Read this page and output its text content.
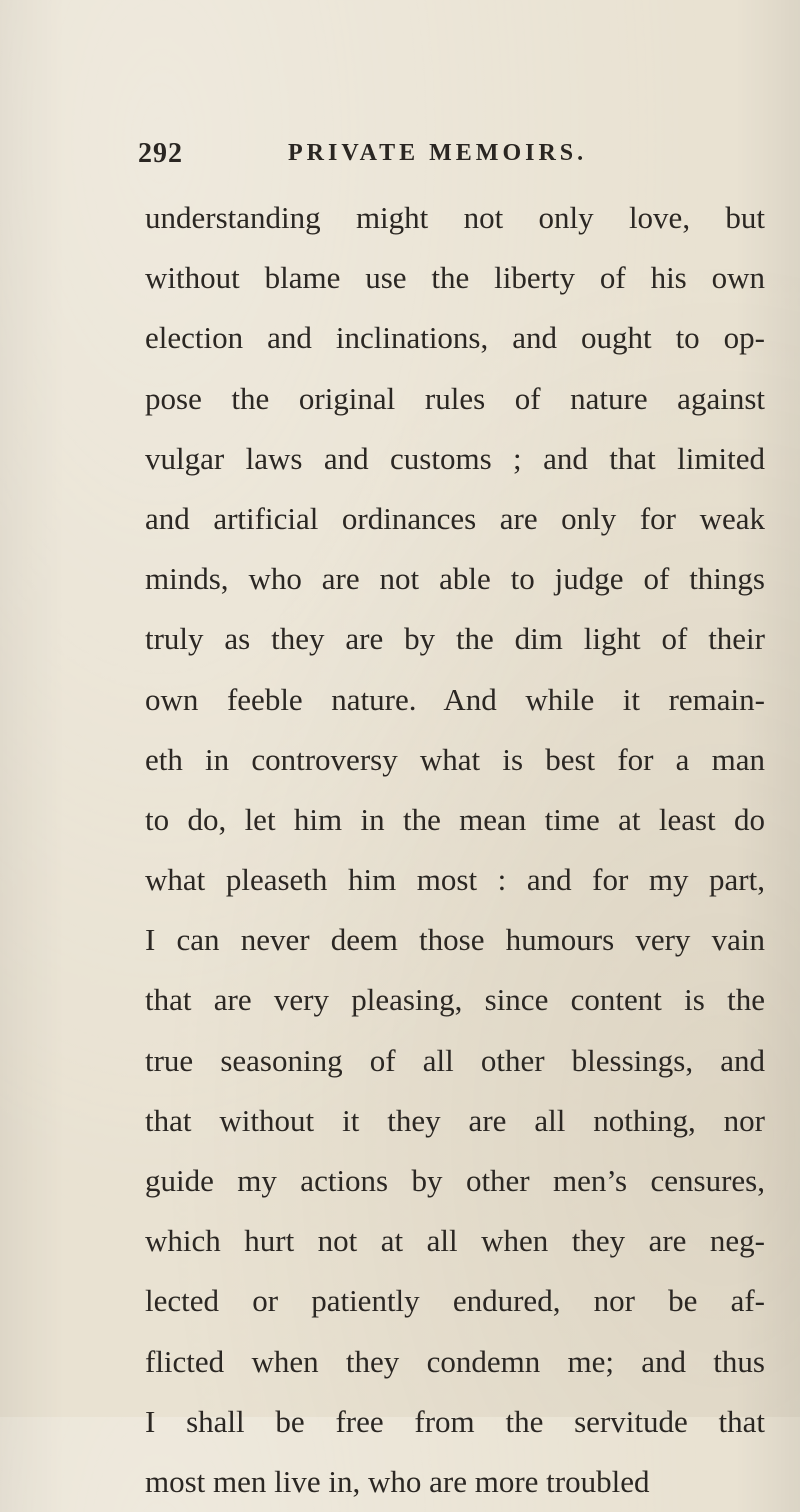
292	PRIVATE MEMOIRS.
understanding might not only love, but
without blame use the liberty of his own
election and inclinations, and ought to op-
pose the original rules of nature against
vulgar laws and customs ; and that limited
and artificial ordinances are only for weak
minds, who are not able to judge of things
truly as they are by the dim light of their
own feeble nature. And while it remain-
eth in controversy what is best for a man
to do, let him in the mean time at least do
what pleaseth him most : and for my part,
I can never deem those humours very vain
that are very pleasing, since content is the
true seasoning of all other blessings, and
that without it they are all nothing, nor
guide my actions by other men’s censures,
which hurt not at all when they are neg-
lected or patiently endured, nor be af-
flicted when they condemn me; and thus
I shall be free from the servitude that
most men live in, who are more troubled
